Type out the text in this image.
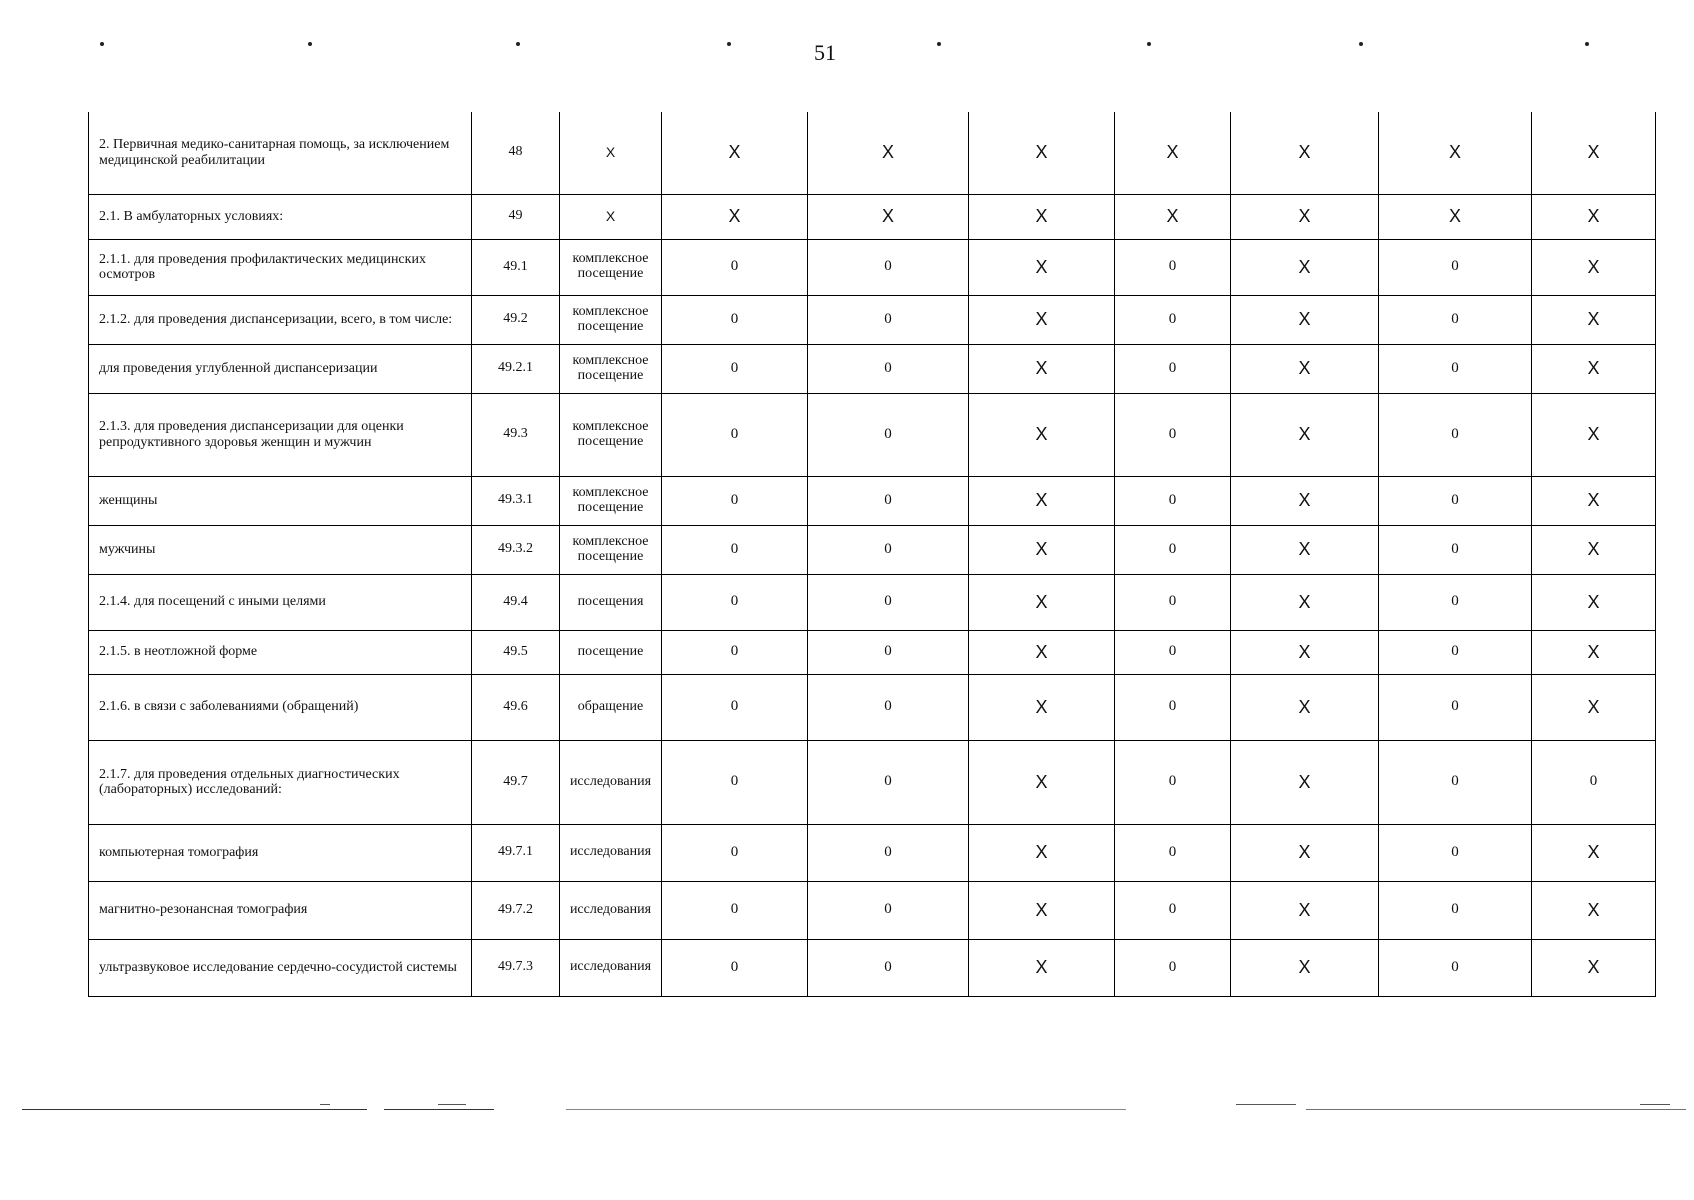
51
2. Первичная медико-санитарная помощь, за исключением медицинской реабилитации	48	X	X	X	X	X	X	X	X
2.1. В амбулаторных условиях:	49	X	X	X	X	X	X	X	X
2.1.1. для проведения профилактических медицинских осмотров	49.1	комплексное посещение	0	0	X	0	X	0	X
2.1.2. для проведения диспансеризации, всего, в том числе:	49.2	комплексное посещение	0	0	X	0	X	0	X
для проведения углубленной диспансеризации	49.2.1	комплексное посещение	0	0	X	0	X	0	X
2.1.3. для проведения диспансеризации для оценки репродуктивного здоровья женщин и мужчин	49.3	комплексное посещение	0	0	X	0	X	0	X
женщины	49.3.1	комплексное посещение	0	0	X	0	X	0	X
мужчины	49.3.2	комплексное посещение	0	0	X	0	X	0	X
2.1.4. для посещений с иными целями	49.4	посещения	0	0	X	0	X	0	X
2.1.5. в неотложной форме	49.5	посещение	0	0	X	0	X	0	X
2.1.6. в связи с заболеваниями (обращений)	49.6	обращение	0	0	X	0	X	0	X
2.1.7. для проведения отдельных диагностических (лабораторных) исследований:	49.7	исследования	0	0	X	0	X	0	0
компьютерная томография	49.7.1	исследования	0	0	X	0	X	0	X
магнитно-резонансная томография	49.7.2	исследования	0	0	X	0	X	0	X
ультразвуковое исследование сердечно-сосудистой системы	49.7.3	исследования	0	0	X	0	X	0	X
